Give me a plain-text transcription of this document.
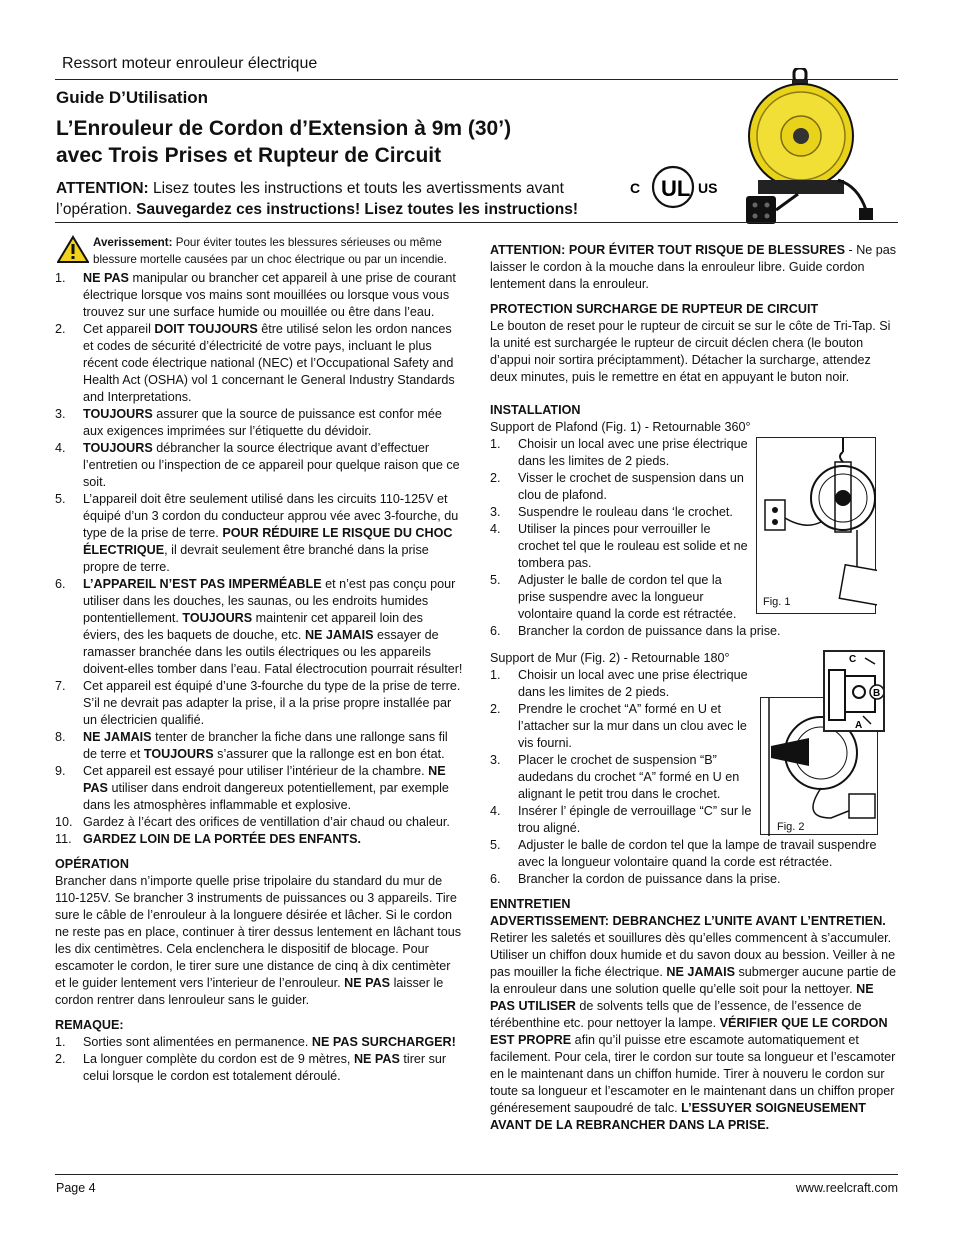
Ressort moteur enrouleur électrique
Guide D’Utilisation
L’Enrouleur de Cordon d’Extension à 9m (30’)
avec Trois Prises et Rupteur de Circuit
ATTENTION: Lisez toutes les instructions et touts les avertissments avant l’opération. Sauvegardez ces instructions! Lisez toutes les instructions!
C UL US
Averissement: Pour éviter toutes les blessures sérieuses ou même blessure mortelle causées par un choc électrique ou par un incendie.
1. NE PAS manipular ou brancher cet appareil à une prise de courant électrique lorsque vos mains sont mouillées ou lorsque vous vous trouvez sur une surface humide ou mouillée ou être dans l’eau.
2. Cet appareil DOIT TOUJOURS être utilisé selon les ordon nances et codes de sécurité d’électricité de votre pays, incluant le plus récent code électrique national (NEC) et l’Occupational Safety and Health Act (OSHA) vol 1 concernant le General Industry Standards and Interpretations.
3. TOUJOURS assurer que la source de puissance est confor mée aux exigences imprimées sur l’étiquette du dévidoir.
4. TOUJOURS débrancher la source électrique avant d’effectuer l’entretien ou l’inspection de ce appareil pour quelque raison que ce soit.
5. L’appareil doit être seulement utilisé dans les circuits 110-125V et équipé d’un 3 cordon du conducteur approu vée avec 3-fourche, du type de la prise de terre. POUR RÉDUIRE LE RISQUE DU CHOC ÉLECTRIQUE, il devrait seulement être branché dans la prise propre de terre.
6. L’APPAREIL N’EST PAS IMPERMÉABLE et n’est pas conçu pour utiliser dans les douches, les saunas, ou les endroits humides pontentiellement. TOUJOURS maintenir cet appareil loin des éviers, des les baquets de douche, etc. NE JAMAIS essayer de ramasser branchée dans les outils électriques ou les appareils doivent-elles tomber dans l’eau. Fatal électrocution pourrait résulter!
7. Cet appareil est équipé d’une 3-fourche du type de la prise de terre. S’il ne devrait pas adapter la prise, il a la prise propre installée par un électricien qualifié.
8. NE JAMAIS tenter de brancher la fiche dans une rallonge sans fil de terre et TOUJOURS s’assurer que la rallonge est en bon état.
9. Cet appareil est essayé pour utiliser l’intérieur de la chambre. NE PAS utiliser dans endroit dangereux potentiellement, par exemple dans les atmosphères inflammable et explosive.
10. Gardez à l’écart des orifices de ventillation d’air chaud ou chaleur.
11. GARDEZ LOIN DE LA PORTÉE DES ENFANTS.
OPÉRATION

Brancher dans n’importe quelle prise tripolaire du standard du mur de 110-125V. Se brancher 3 instruments de puissances ou 3 appareils. Tire sure le câble de l’enrouleur à la longuere désirée et lâcher. Si le cordon ne reste pas en place, continuer à tirer dessus lentement en lâchant tous les dix centimètres. Cela enclenchera le dispositif de blocage. Pour escamoter le cordon, le tirer sure une distance de cinq à dix centimèter et le guider lentement vers l’interieur de l’enrouleur. NE PAS laisser le cordon rentrer dans lenrouleur sans le guider.

REMAQUE:
1. Sorties sont alimentées en permanence. NE PAS SURCHARGER!
2. La longuer complète du cordon est de 9 mètres, NE PAS tirer sur celui lorsque le cordon est totalement déroulé.

ATTENTION: POUR ÉVITER TOUT RISQUE DE BLESSURES - Ne pas laisser le cordon à la mouche dans la enrouleur libre. Guide cordon lentement dans la enrouleur.

PROTECTION SURCHARGE DE RUPTEUR DE CIRCUIT

Le bouton de reset pour le rupteur de circuit se sur le côte de Tri-Tap. Si la unité est surchargée le rupteur de circuit déclen chera (le bouton d’appui noir sortira préciptamment). Détacher la surcharge, attendez deux minutes, puis le remettre en état en appuyant le buton noir.

INSTALLATION

Support de Plafond (Fig. 1) - Retournable 360°

1. Choisir un local avec une prise électrique dans les limites de 2 pieds.
2. Visser le crochet de suspension dans un clou de plafond.
3. Suspendre le rouleau dans ‘le crochet.
4. Utiliser la pinces pour verrouiller le crochet tel que le rouleau est solide et ne tombera pas.
5. Adjuster le balle de cordon tel que la prise suspendre avec la longueur volontaire quand la corde est rétractée.
6. Brancher la cordon de puissance dans la prise.

Support de Mur (Fig. 2) - Retournable 180°

1. Choisir un local avec une prise électrique dans les limites de 2 pieds.
2. Prendre le crochet “A” formé en U et l’attacher sur la mur dans un clou avec le vis fourni.
3. Placer le crochet de suspension “B” audedans du crochet “A” formé en U en alignant le petit trou dans le crochet.
4. Insérer l’ épingle de verrouillage “C” sur le trou aligné.
5. Adjuster le balle de cordon tel que la lampe de travail suspendre avec la longueur volontaire quand la corde est rétractée.
6. Brancher la cordon de puissance dans la prise.
ENNTRETIEN
ADVERTISSEMENT: DEBRANCHEZ L’UNITE AVANT L’ENTRETIEN.

Retirer les saletés et souillures dès qu’elles commencent à s’accumuler. Utiliser un chiffon doux humide et du savon doux au bession. Veiller à ne pas mouiller la fiche électrique. NE JAMAIS submerger aucune partie de la enrouleur dans une solution quelle qu’elle soit pour la nettoyer. NE PAS UTILISER de solvents tells que de l’essence, de l’essence de térébenthine etc. pour nettoyer la lampe. VÉRIFIER QUE LE CORDON EST PROPRE afin qu’il puisse etre escamote automatiquement et facilement. Pour cela, tirer le cordon sur toute sa longueur et l’escamoter en le maintenant dans un chiffon humide. Tirer à nouveru le cordon sur toute sa longueur et l’escamoter en le maintenant dans un chiffon proper généresement saupoudré de talc. L’ESSUYER SOIGNEUSEMENT AVANT DE LA REBRANCHER DANS LA PRISE.

Fig. 1
Fig. 2
C
B
A
Page 4	www.reelcraft.com
